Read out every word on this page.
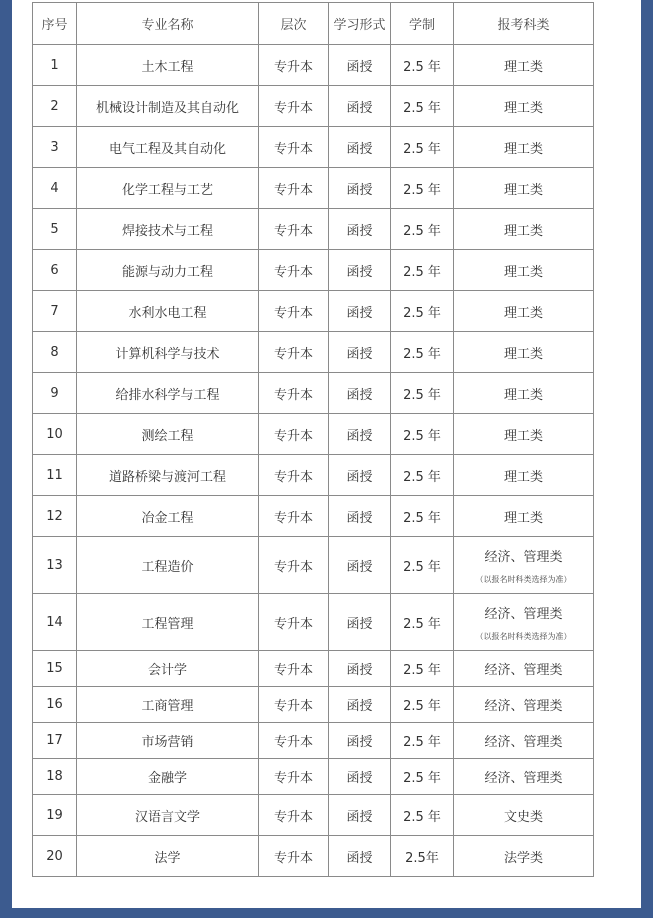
序号	专业名称	层次	学习形式	学制	报考科类
1	土木工程	专升本	函授	2.5 年	理工类

2	机械设计制造及其自动化	专升本	函授	2.5 年	理工类

3	电气工程及其自动化	专升本	函授	2.5 年	理工类

4	化学工程与工艺	专升本	函授	2.5 年	理工类

5	焊接技术与工程	专升本	函授	2.5 年	理工类

6	能源与动力工程	专升本	函授	2.5 年	理工类

7	水利水电工程	专升本	函授	2.5 年	理工类

8	计算机科学与技术	专升本	函授	2.5 年	理工类

9	给排水科学与工程	专升本	函授	2.5 年	理工类

10	测绘工程	专升本	函授	2.5 年	理工类

11	道路桥梁与渡河工程	专升本	函授	2.5 年	理工类

12	冶金工程	专升本	函授	2.5 年	理工类

13	工程造价	专升本	函授	2.5 年	经济、管理类
（以报名时科类选择为准）

14	工程管理	专升本	函授	2.5 年	经济、管理类
（以报名时科类选择为准）

15	会计学	专升本	函授	2.5 年	经济、管理类

16	工商管理	专升本	函授	2.5 年	经济、管理类

17	市场营销	专升本	函授	2.5 年	经济、管理类

18	金融学	专升本	函授	2.5 年	经济、管理类

19	汉语言文学	专升本	函授	2.5 年	文史类

20	法学	专升本	函授	2.5年	法学类
